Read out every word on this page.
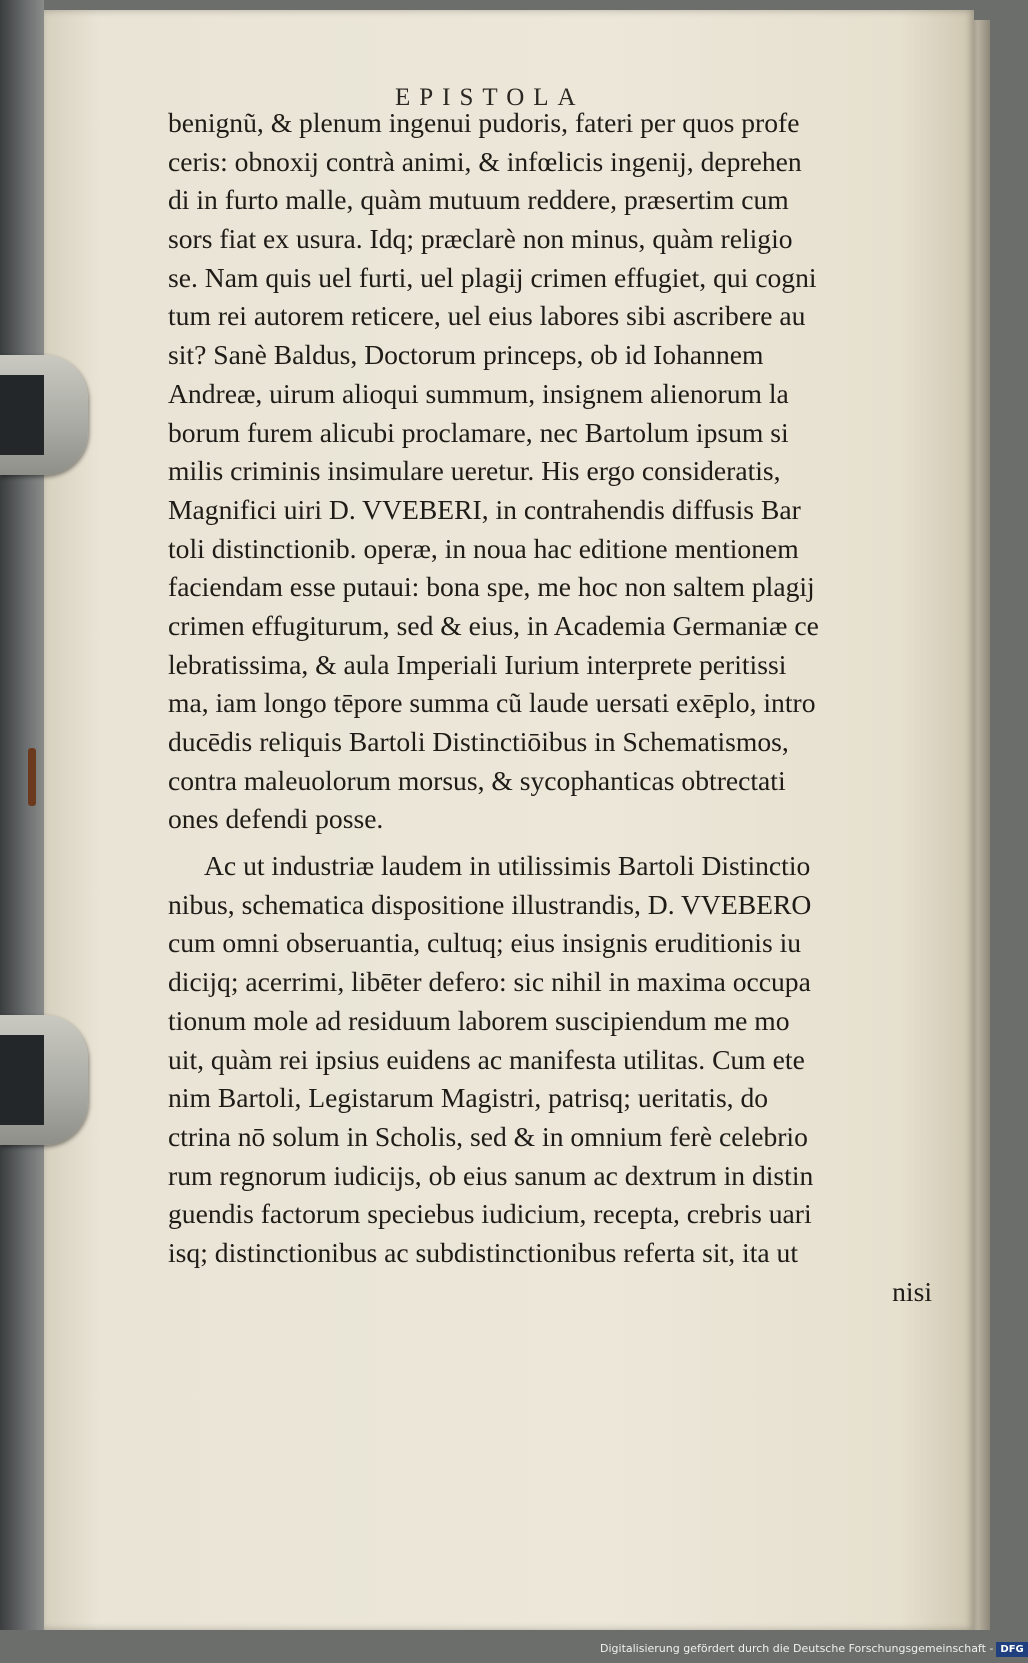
EPISTOLA
benignũ, & plenum ingenui pudoris, fateri per quos profe
ceris: obnoxij contrà animi, & infœlicis ingenij, deprehen
di in furto malle, quàm mutuum reddere, præsertim cum
sors fiat ex usura. Idq; præclarè non minus, quàm religio
se. Nam quis uel furti, uel plagij crimen effugiet, qui cogni
tum rei autorem reticere, uel eius labores sibi ascribere au
sit? Sanè Baldus, Doctorum princeps, ob id Iohannem
Andreæ, uirum alioqui summum, insignem alienorum la
borum furem alicubi proclamare, nec Bartolum ipsum si
milis criminis insimulare ueretur. His ergo consideratis,
Magnifici uiri D. VVEBERI, in contrahendis diffusis Bar
toli distinctionib. operæ, in noua hac editione mentionem
faciendam esse putaui: bona spe, me hoc non saltem plagij
crimen effugiturum, sed & eius, in Academia Germaniæ ce
lebratissima, & aula Imperiali Iurium interprete peritissi
ma, iam longo tēpore summa cũ laude uersati exēplo, intro
ducēdis reliquis Bartoli Distinctiōibus in Schematismos,
contra maleuolorum morsus, & sycophanticas obtrectati
ones defendi posse.
Ac ut industriæ laudem in utilissimis Bartoli Distinctio
nibus, schematica dispositione illustrandis, D. VVEBERO
cum omni obseruantia, cultuq; eius insignis eruditionis iu
dicijq; acerrimi, libēter defero: sic nihil in maxima occupa
tionum mole ad residuum laborem suscipiendum me mo
uit, quàm rei ipsius euidens ac manifesta utilitas. Cum ete
nim Bartoli, Legistarum Magistri, patrisq; ueritatis, do
ctrina nō solum in Scholis, sed & in omnium ferè celebrio
rum regnorum iudicijs, ob eius sanum ac dextrum in distin
guendis factorum speciebus iudicium, recepta, crebris uari
isq; distinctionibus ac subdistinctionibus referta sit, ita ut
nisi
Digitalisierung gefördert durch die Deutsche Forschungsgemeinschaft - DFG
